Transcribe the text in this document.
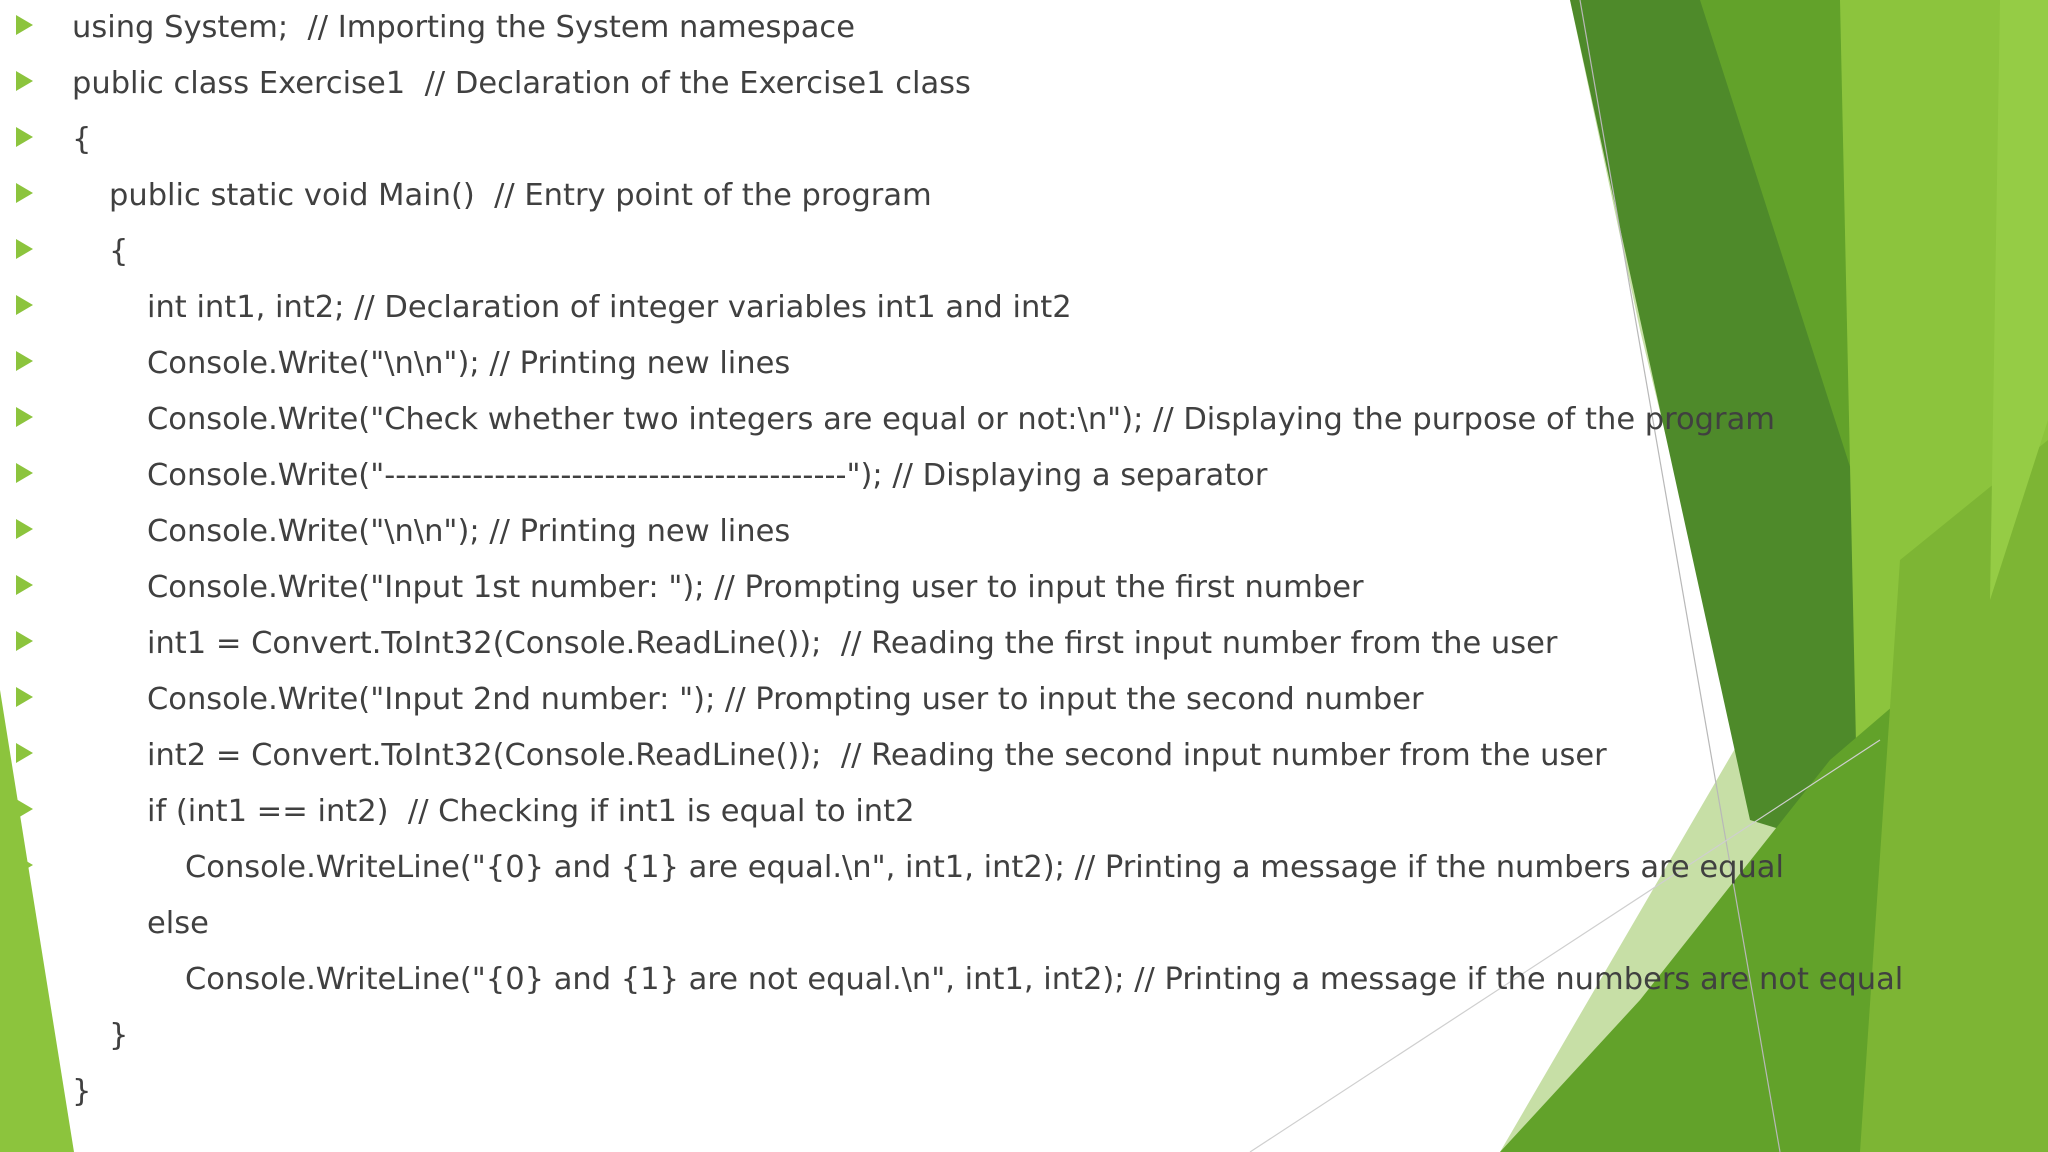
using System;  // Importing the System namespace
public class Exercise1  // Declaration of the Exercise1 class
{
public static void Main()  // Entry point of the program
{
int int1, int2; // Declaration of integer variables int1 and int2
Console.Write("\n\n"); // Printing new lines
Console.Write("Check whether two integers are equal or not:\n"); // Displaying the purpose of the program
Console.Write("------------------------------------------"); // Displaying a separator
Console.Write("\n\n"); // Printing new lines
Console.Write("Input 1st number: "); // Prompting user to input the first number
int1 = Convert.ToInt32(Console.ReadLine());  // Reading the first input number from the user
Console.Write("Input 2nd number: "); // Prompting user to input the second number
int2 = Convert.ToInt32(Console.ReadLine());  // Reading the second input number from the user
if (int1 == int2)  // Checking if int1 is equal to int2
Console.WriteLine("{0} and {1} are equal.\n", int1, int2); // Printing a message if the numbers are equal
else
Console.WriteLine("{0} and {1} are not equal.\n", int1, int2); // Printing a message if the numbers are not equal
}
}
